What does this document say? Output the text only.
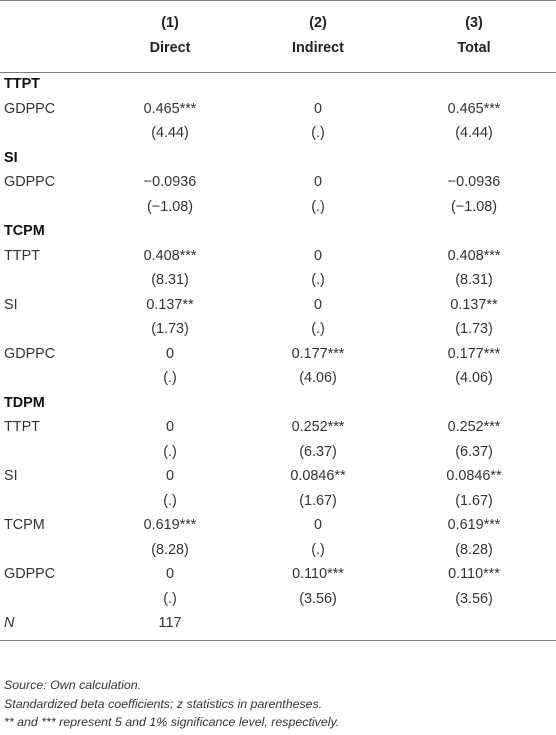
	(1)	(2)	(3)
	Direct	Indirect	Total
TTPT			
GDPPC	0.465***	0	0.465***
	(4.44)	(.)	(4.44)
SI			
GDPPC	−0.0936	0	−0.0936
	(−1.08)	(.)	(−1.08)
TCPM			
TTPT	0.408***	0	0.408***
	(8.31)	(.)	(8.31)
SI	0.137**	0	0.137**
	(1.73)	(.)	(1.73)
GDPPC	0	0.177***	0.177***
	(.)	(4.06)	(4.06)
TDPM			
TTPT	0	0.252***	0.252***
	(.)	(6.37)	(6.37)
SI	0	0.0846**	0.0846**
	(.)	(1.67)	(1.67)
TCPM	0.619***	0	0.619***
	(8.28)	(.)	(8.28)
GDPPC	0	0.110***	0.110***
	(.)	(3.56)	(3.56)
N	117		
Source: Own calculation.
Standardized beta coefficients; z statistics in parentheses.
** and *** represent 5 and 1% significance level, respectively.
